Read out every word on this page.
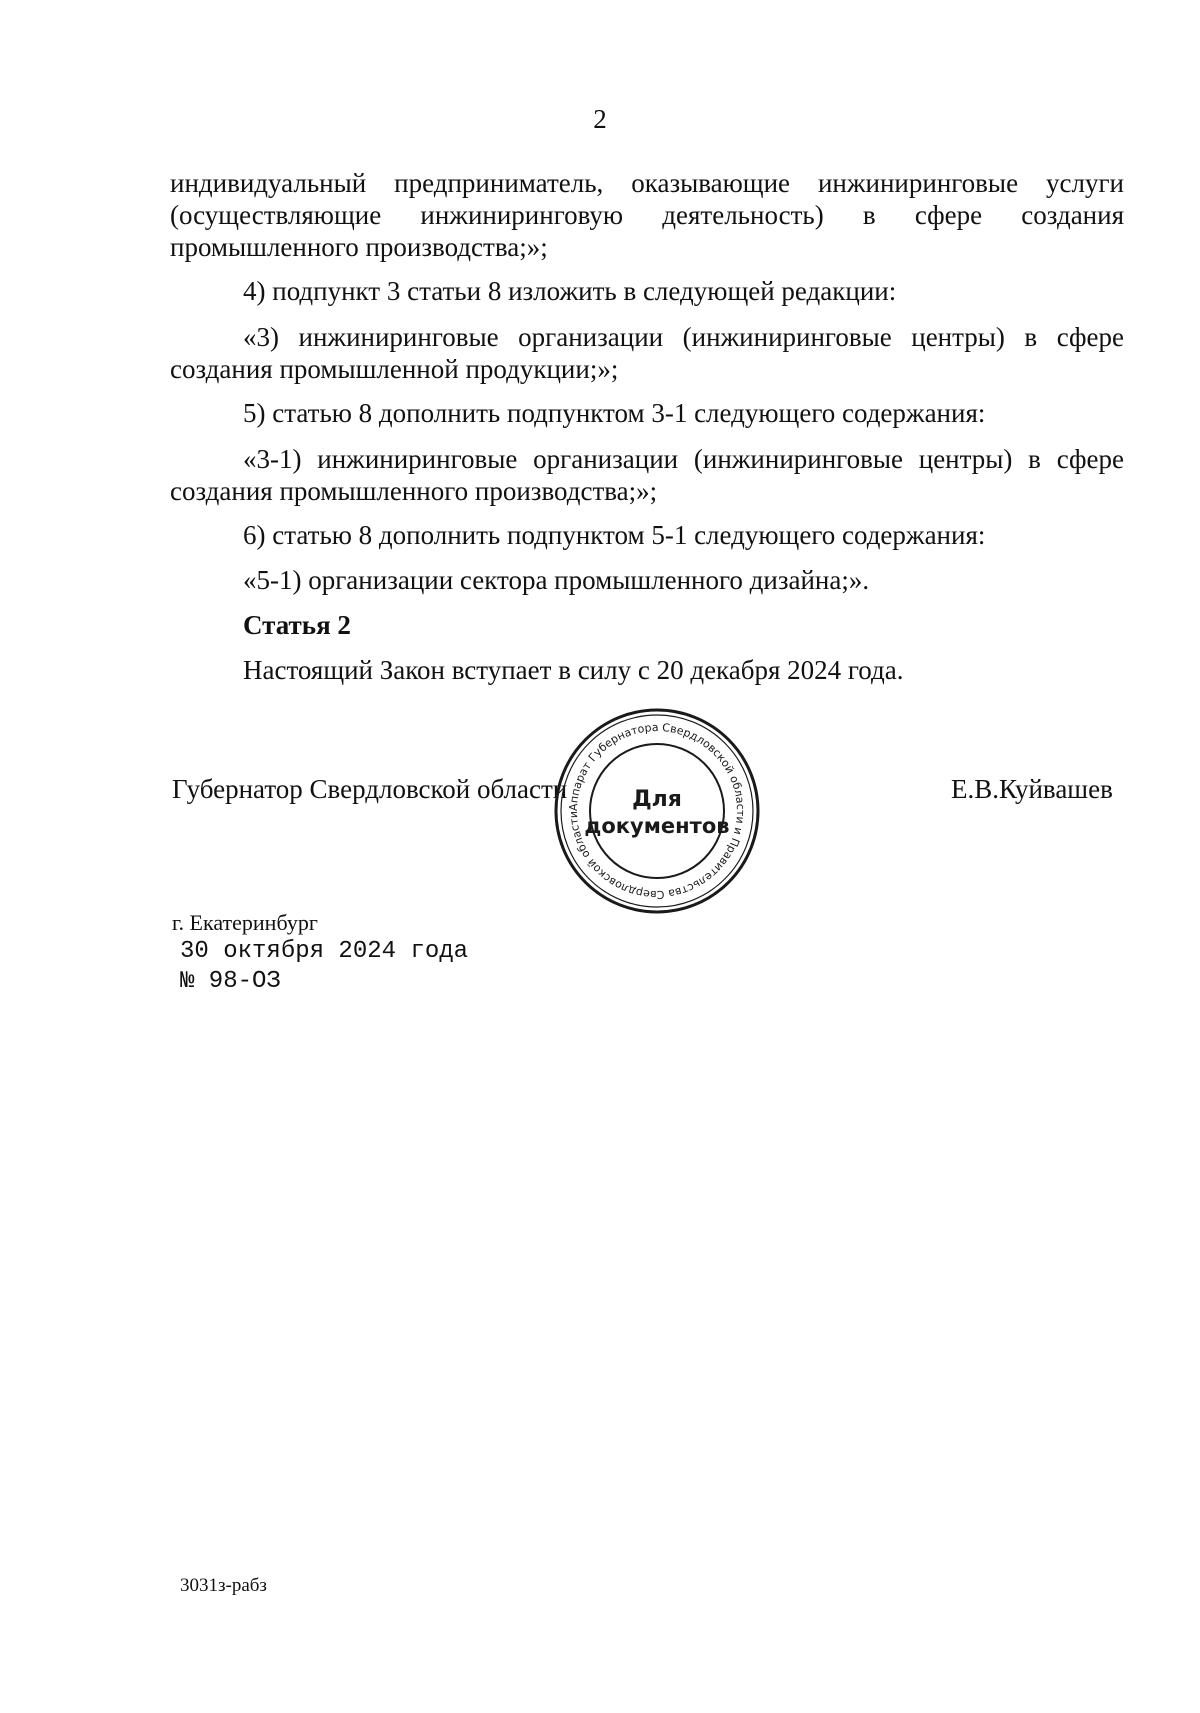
2
индивидуальный предприниматель, оказывающие инжиниринговые услуги
(осуществляющие инжиниринговую деятельность) в сфере создания
промышленного производства;»;
4) подпункт 3 статьи 8 изложить в следующей редакции:
«3) инжиниринговые организации (инжиниринговые центры) в сфере
создания промышленной продукции;»;
5) статью 8 дополнить подпунктом 3-1 следующего содержания:
«3-1) инжиниринговые организации (инжиниринговые центры) в сфере
создания промышленного производства;»;
6) статью 8 дополнить подпунктом 5-1 следующего содержания:
«5-1) организации сектора промышленного дизайна;».
Статья 2
Настоящий Закон вступает в силу с 20 декабря 2024 года.
Губернатор Свердловской области	Е.В.Куйвашев
Аппарат Губернатора Свердловской области и Правительства Свердловской области
Для
документов
г. Екатеринбург
30 октября 2024 года
№ 98-ОЗ
3031з-рабз
